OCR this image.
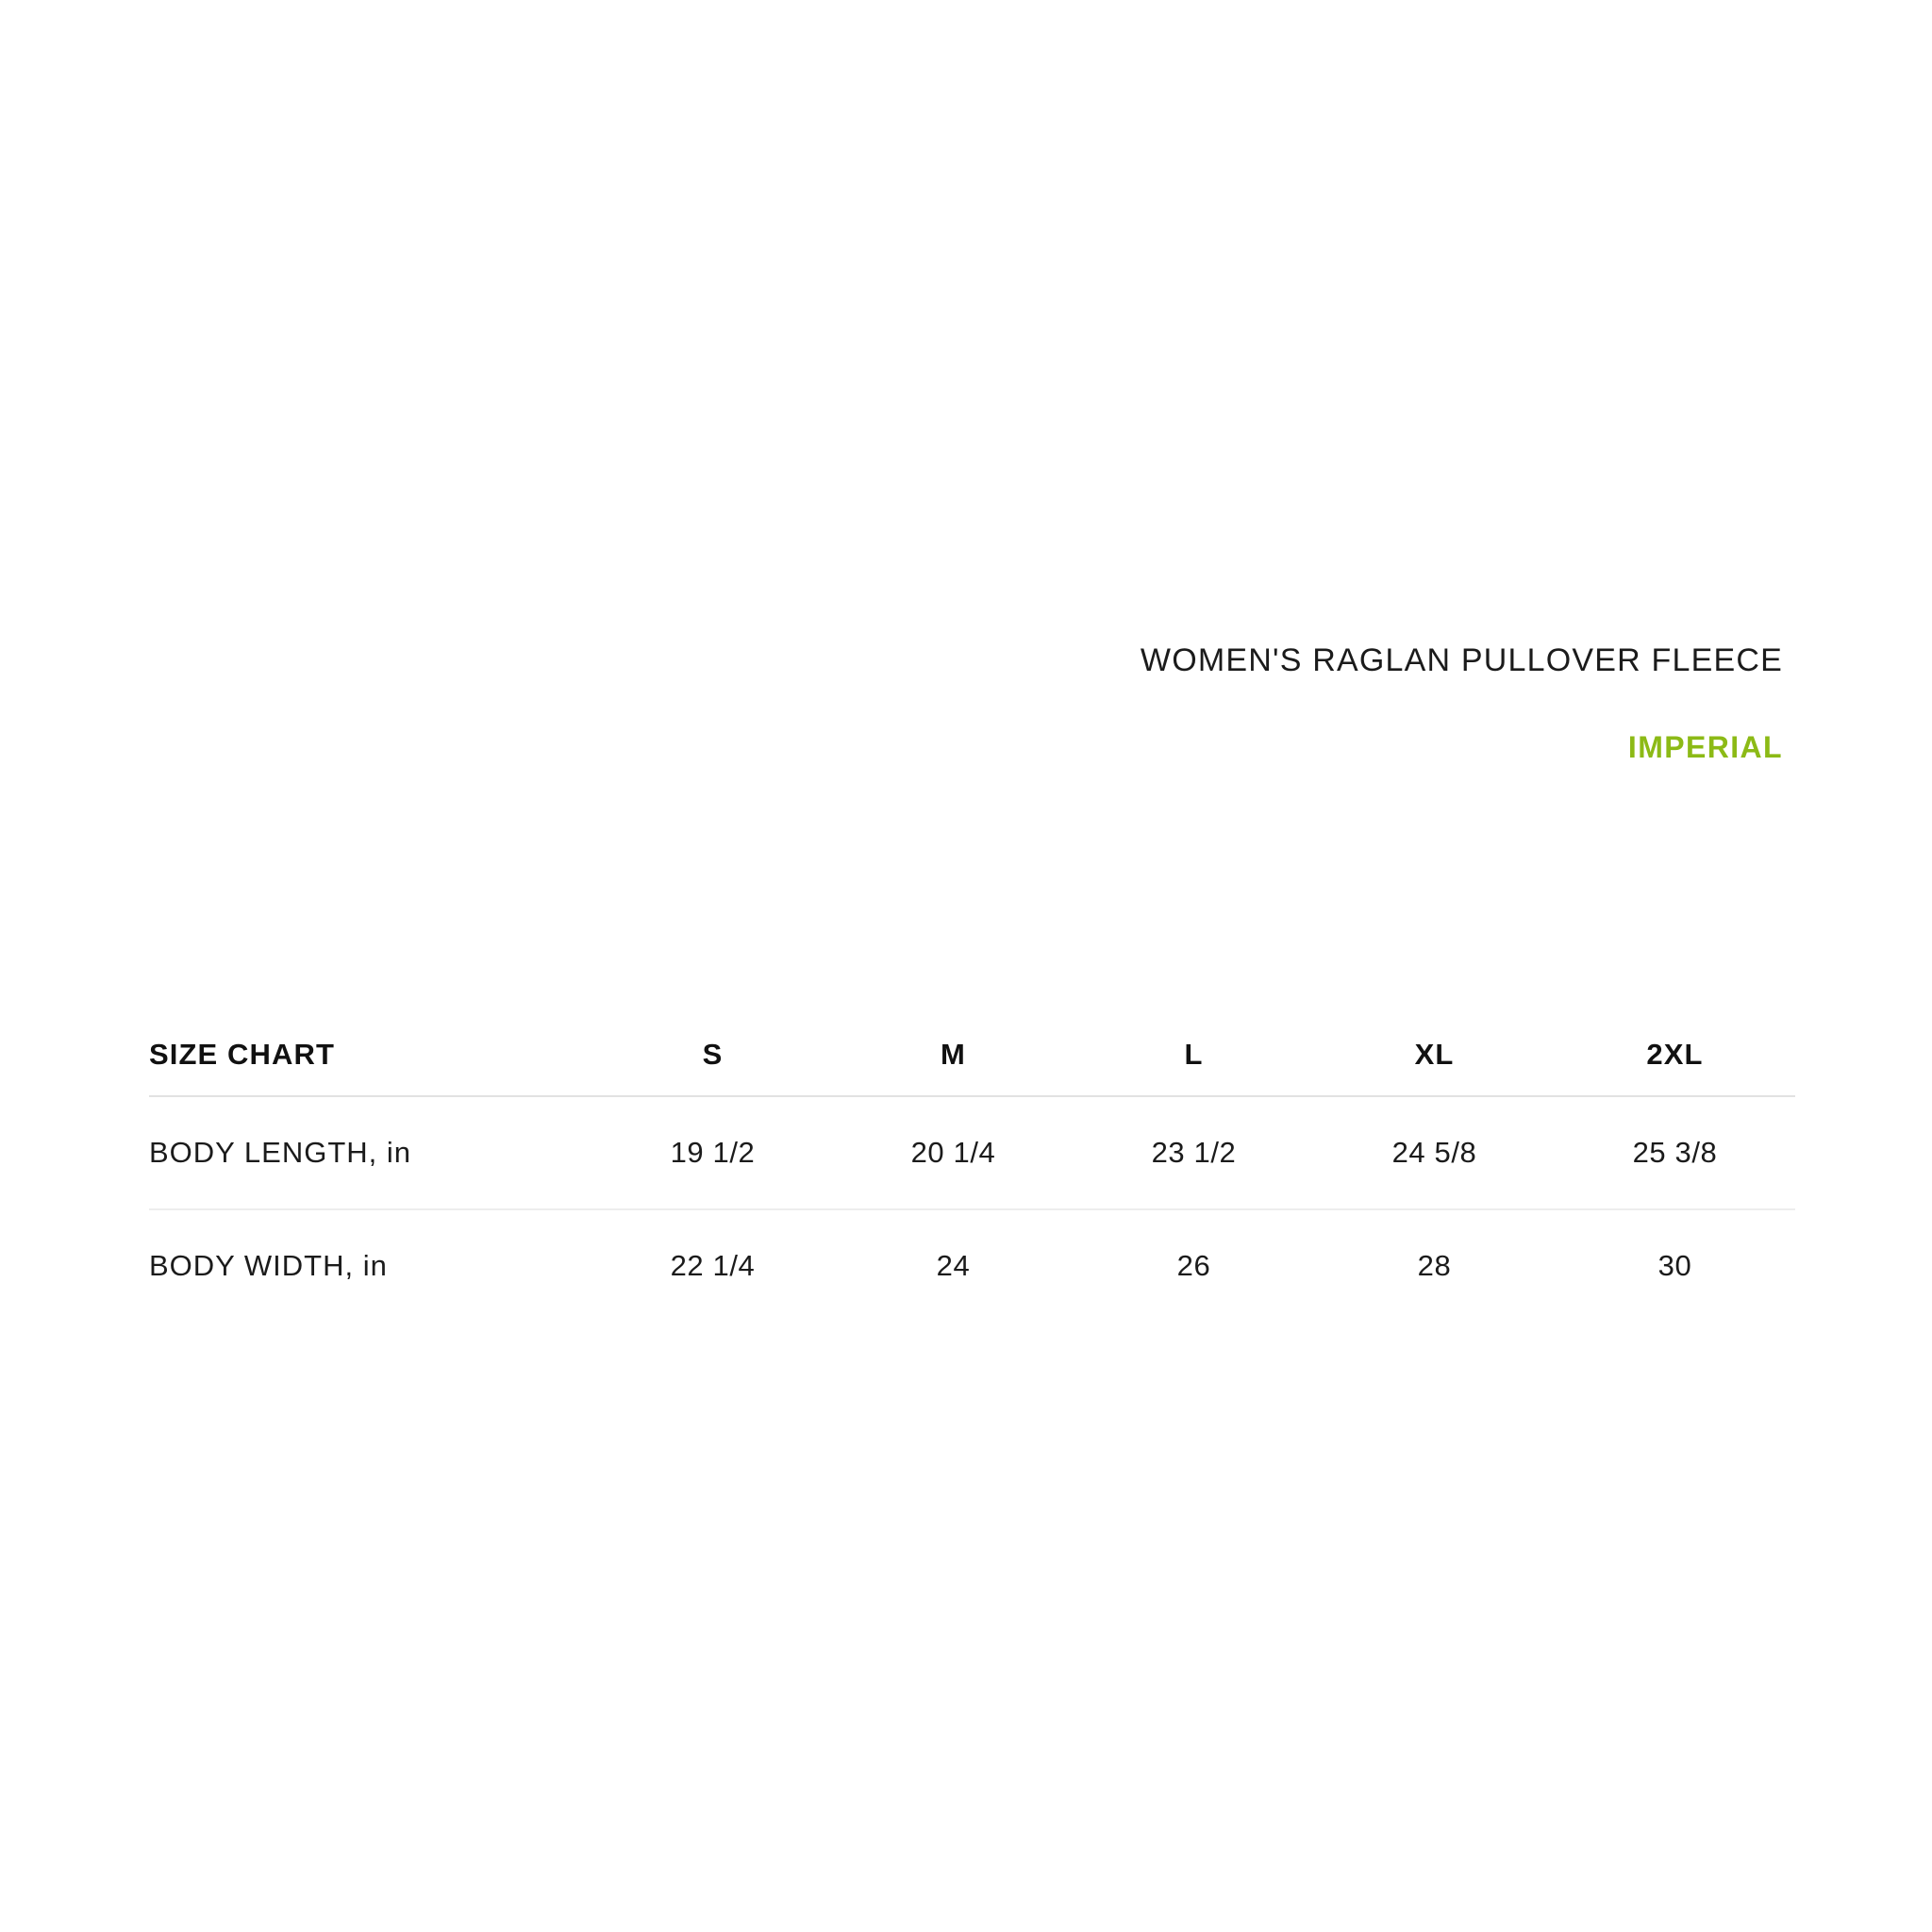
WOMEN'S RAGLAN PULLOVER FLEECE
IMPERIAL
SIZE CHART	S	M	L	XL	2XL
BODY LENGTH, in	19 1/2	20 1/4	23 1/2	24 5/8	25 3/8
BODY WIDTH, in	22 1/4	24	26	28	30
